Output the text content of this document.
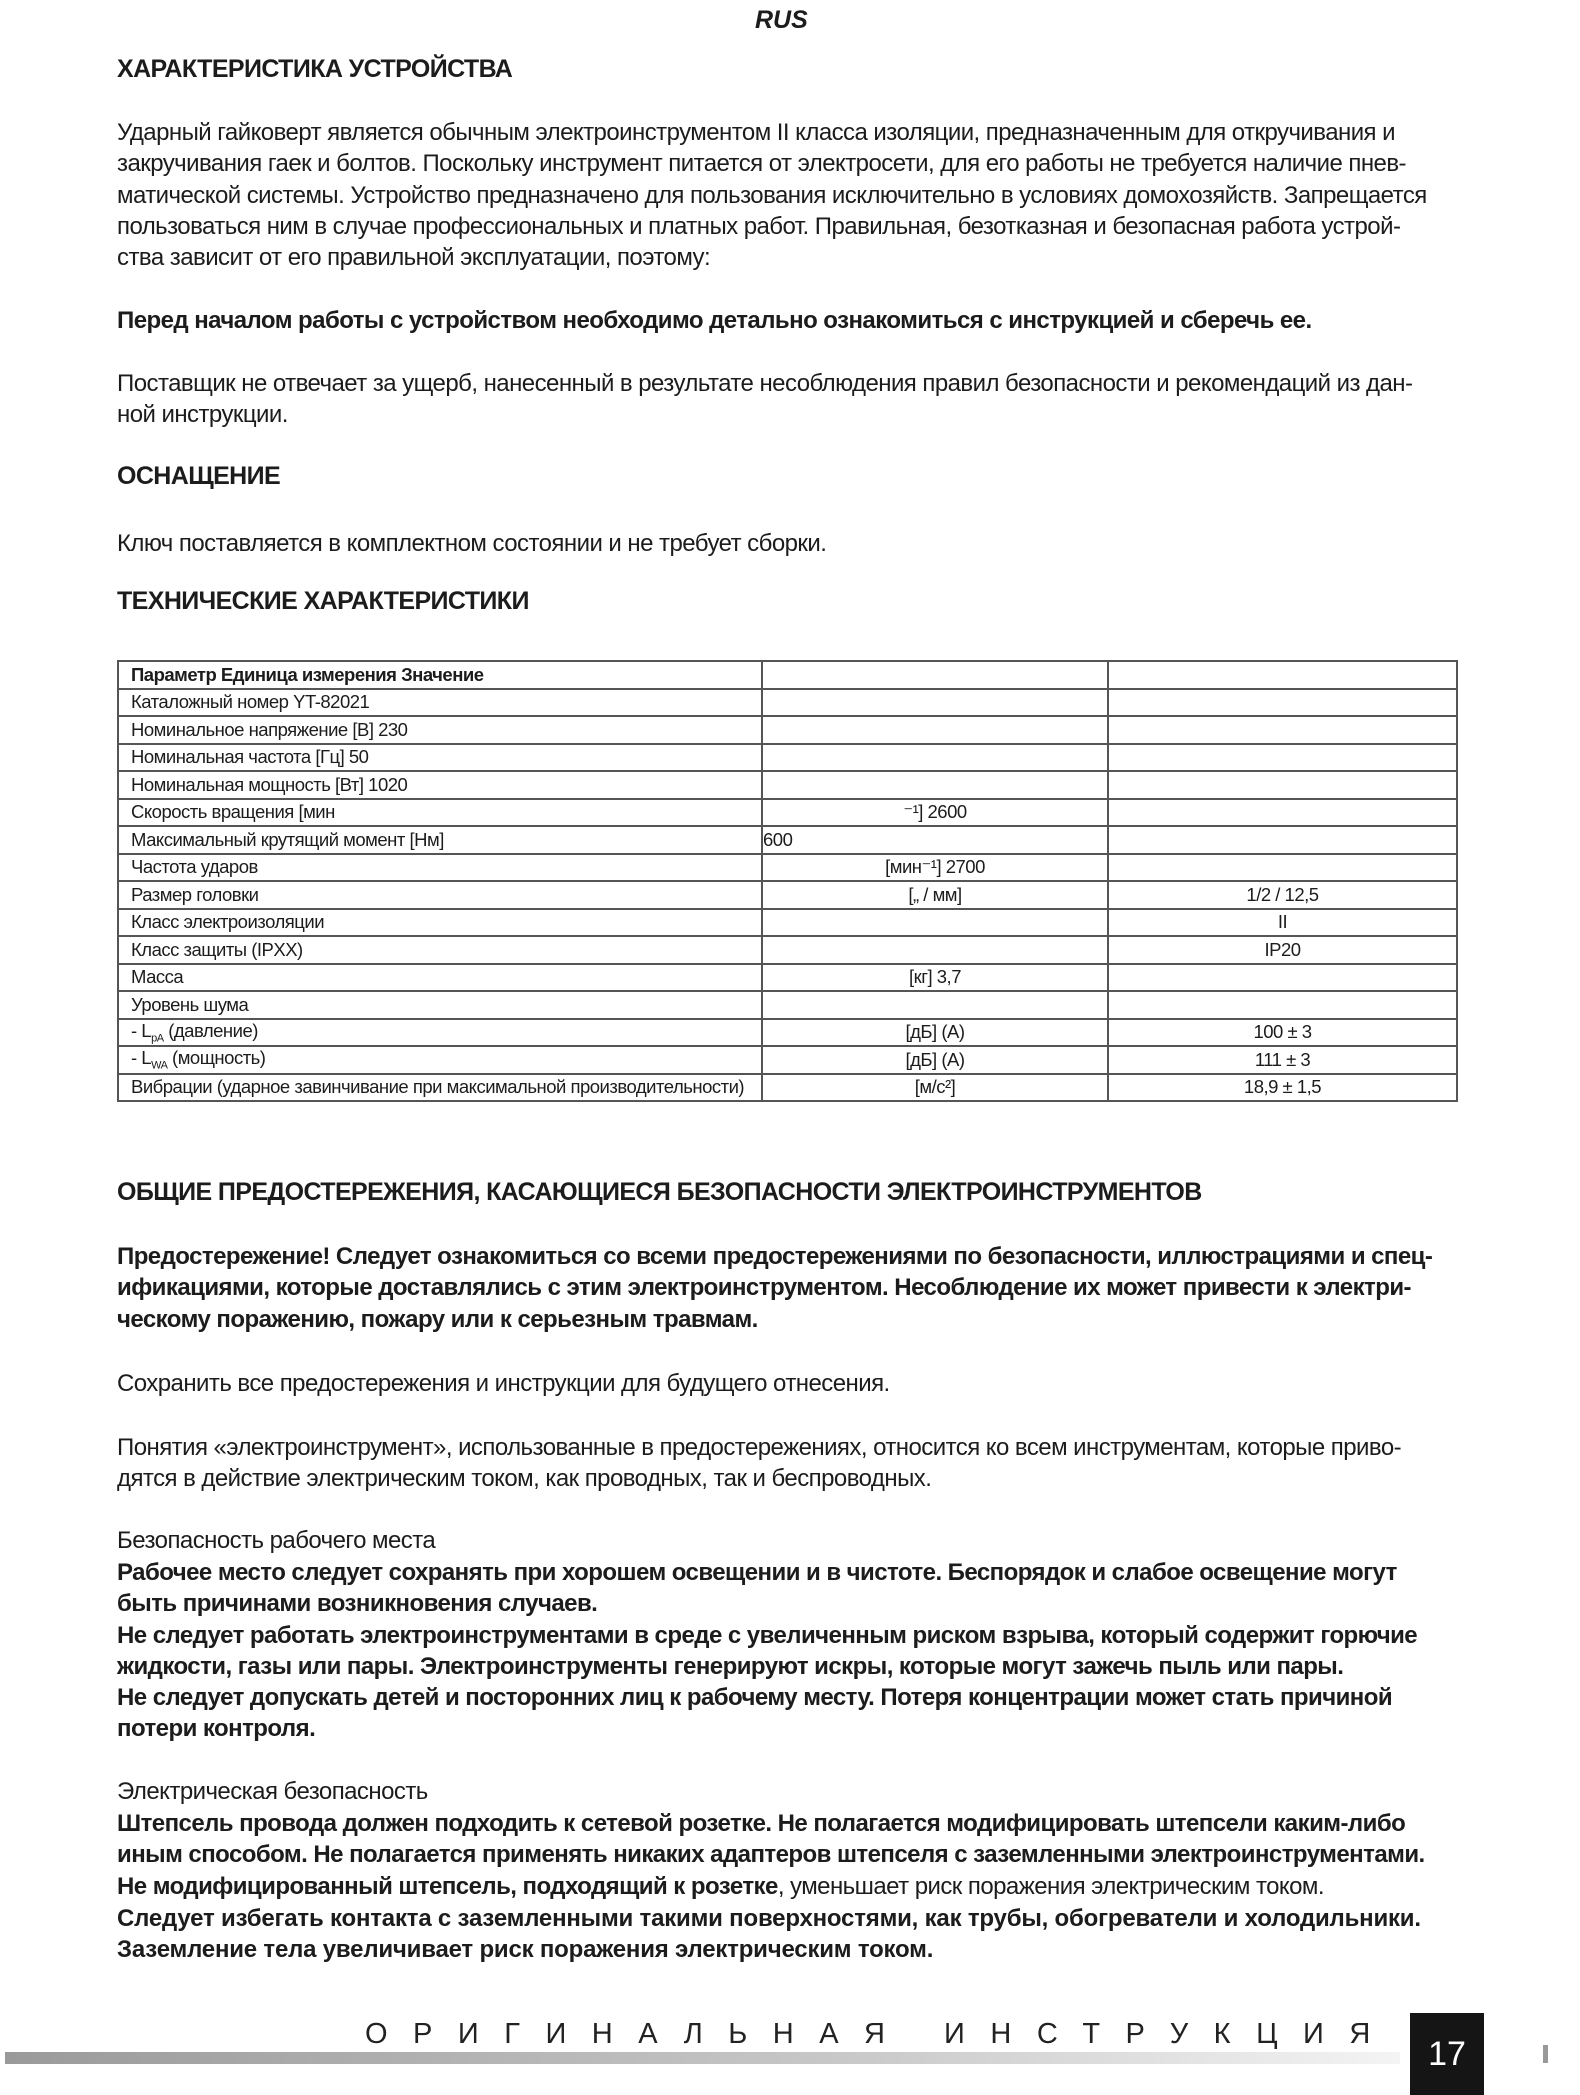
RUS
ХАРАКТЕРИСТИКА УСТРОЙСТВА
Ударный гайковерт является обычным электроинструментом II класса изоляции, предназначенным для откручивания и
закручивания гаек и болтов. Поскольку инструмент питается от электросети, для его работы не требуется наличие пнев-
матической системы. Устройство предназначено для пользования исключительно в условиях домохозяйств. Запрещается
пользоваться ним в случае профессиональных и платных работ. Правильная, безотказная и безопасная работа устрой-
ства зависит от его правильной эксплуатации, поэтому:
Перед началом работы с устройством необходимо детально ознакомиться с инструкцией и сберечь ее.
Поставщик не отвечает за ущерб, нанесенный в результате несоблюдения правил безопасности и рекомендаций из дан-
ной инструкции.
ОСНАЩЕНИЕ
Ключ поставляется в комплектном состоянии и не требует сборки.
ТЕХНИЧЕСКИЕ ХАРАКТЕРИСТИКИ
Параметр Единица измерения Значение		
Каталожный номер YT-82021		
Номинальное напряжение [В] 230		
Номинальная частота [Гц] 50		
Номинальная мощность [Вт] 1020		
Скорость вращения [мин	⁻¹] 2600	
Максимальный крутящий момент [Нм]	600	
Частота ударов	[мин⁻¹] 2700	
Размер головки	[„ / мм]	1/2 / 12,5
Класс электроизоляции		II
Класс защиты (IPXX)		IP20
Масса	[кг] 3,7	
Уровень шума		
- $L_{pA}$ (давление)	[дБ] (A)	100 ± 3
- $L_{WA}$ (мощность)	[дБ] (A)	111 ± 3
Вибрации (ударное завинчивание при максимальной производительности)	[м/с²]	18,9 ± 1,5
ОБЩИЕ ПРЕДОСТЕРЕЖЕНИЯ, КАСАЮЩИЕСЯ БЕЗОПАСНОСТИ ЭЛЕКТРОИНСТРУМЕНТОВ
Предостережение! Следует ознакомиться со всеми предостережениями по безопасности, иллюстрациями и спец-
ификациями, которые доставлялись с этим электроинструментом. Несоблюдение их может привести к электри-
ческому поражению, пожару или к серьезным травмам.
Сохранить все предостережения и инструкции для будущего отнесения.
Понятия «электроинструмент», использованные в предостережениях, относится ко всем инструментам, которые приво-
дятся в действие электрическим током, как проводных, так и беспроводных.
Безопасность рабочего места
Рабочее место следует сохранять при хорошем освещении и в чистоте. Беспорядок и слабое освещение могут
быть причинами возникновения случаев.
Не следует работать электроинструментами в среде с увеличенным риском взрыва, который содержит горючие
жидкости, газы или пары. Электроинструменты генерируют искры, которые могут зажечь пыль или пары.
Не следует допускать детей и посторонних лиц к рабочему месту. Потеря концентрации может стать причиной
потери контроля.
Электрическая безопасность
Штепсель провода должен подходить к сетевой розетке. Не полагается модифицировать штепсели каким-либо
иным способом. Не полагается применять никаких адаптеров штепселя с заземленными электроинструментами.
Не модифицированный штепсель, подходящий к розетке, уменьшает риск поражения электрическим током.
Следует избегать контакта с заземленными такими поверхностями, как трубы, обогреватели и холодильники.
Заземление тела увеличивает риск поражения электрическим током.
ОРИГИНАЛЬНАЯ ИНСТРУКЦИЯ
17
